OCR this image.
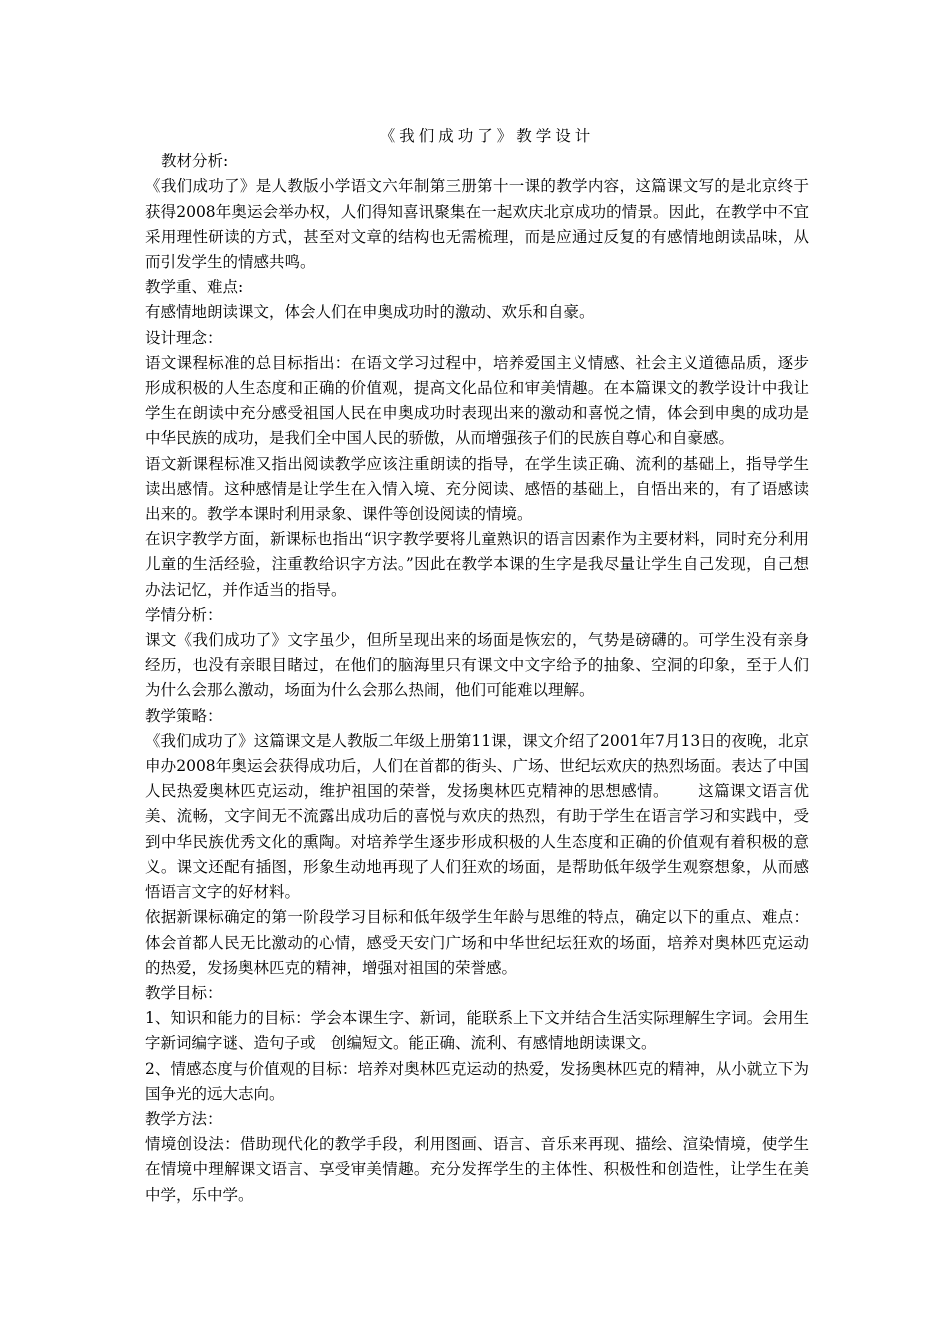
《我们成功了》教学设计

教材分析:

《我们成功了》是人教版小学语文六年制第三册第十一课的教学内容，这篇课文写的是北京终于获得2008年奥运会举办权，人们得知喜讯聚集在一起欢庆北京成功的情景。因此，在教学中不宜采用理性研读的方式，甚至对文章的结构也无需梳理，而是应通过反复的有感情地朗读品味，从而引发学生的情感共鸣。

教学重、难点:

有感情地朗读课文，体会人们在申奥成功时的激动、欢乐和自豪。

设计理念：

语文课程标准的总目标指出：在语文学习过程中，培养爱国主义情感、社会主义道德品质，逐步形成积极的人生态度和正确的价值观，提高文化品位和审美情趣。在本篇课文的教学设计中我让学生在朗读中充分感受祖国人民在申奥成功时表现出来的激动和喜悦之情，体会到申奥的成功是中华民族的成功，是我们全中国人民的骄傲，从而增强孩子们的民族自尊心和自豪感。

语文新课程标准又指出阅读教学应该注重朗读的指导，在学生读正确、流利的基础上，指导学生读出感情。这种感情是让学生在入情入境、充分阅读、感悟的基础上，自悟出来的，有了语感读出来的。教学本课时利用录象、课件等创设阅读的情境。

在识字教学方面，新课标也指出“识字教学要将儿童熟识的语言因素作为主要材料，同时充分利用儿童的生活经验，注重教给识字方法。”因此在教学本课的生字是我尽量让学生自己发现，自己想办法记忆，并作适当的指导。

学情分析：

课文《我们成功了》文字虽少，但所呈现出来的场面是恢宏的，气势是磅礴的。可学生没有亲身经历，也没有亲眼目睹过，在他们的脑海里只有课文中文字给予的抽象、空洞的印象，至于人们为什么会那么激动，场面为什么会那么热闹，他们可能难以理解。

教学策略：

《我们成功了》这篇课文是人教版二年级上册第11课，课文介绍了2001年7月13日的夜晚，北京申办2008年奥运会获得成功后，人们在首都的街头、广场、世纪坛欢庆的热烈场面。表达了中国人民热爱奥林匹克运动，维护祖国的荣誉，发扬奥林匹克精神的思想感情。　　 这篇课文语言优美、流畅，文字间无不流露出成功后的喜悦与欢庆的热烈，有助于学生在语言学习和实践中，受到中华民族优秀文化的熏陶。对培养学生逐步形成积极的人生态度和正确的价值观有着积极的意义。课文还配有插图，形象生动地再现了人们狂欢的场面，是帮助低年级学生观察想象，从而感悟语言文字的好材料。

依据新课标确定的第一阶段学习目标和低年级学生年龄与思维的特点，确定以下的重点、难点：体会首都人民无比激动的心情，感受天安门广场和中华世纪坛狂欢的场面，培养对奥林匹克运动的热爱，发扬奥林匹克的精神，增强对祖国的荣誉感。

教学目标：

1、知识和能力的目标：学会本课生字、新词，能联系上下文并结合生活实际理解生字词。会用生字新词编字谜、造句子或　创编短文。能正确、流利、有感情地朗读课文。

2、情感态度与价值观的目标：培养对奥林匹克运动的热爱，发扬奥林匹克的精神，从小就立下为国争光的远大志向。

教学方法：

情境创设法：借助现代化的教学手段，利用图画、语言、音乐来再现、描绘、渲染情境，使学生在情境中理解课文语言、享受审美情趣。充分发挥学生的主体性、积极性和创造性，让学生在美中学，乐中学。
